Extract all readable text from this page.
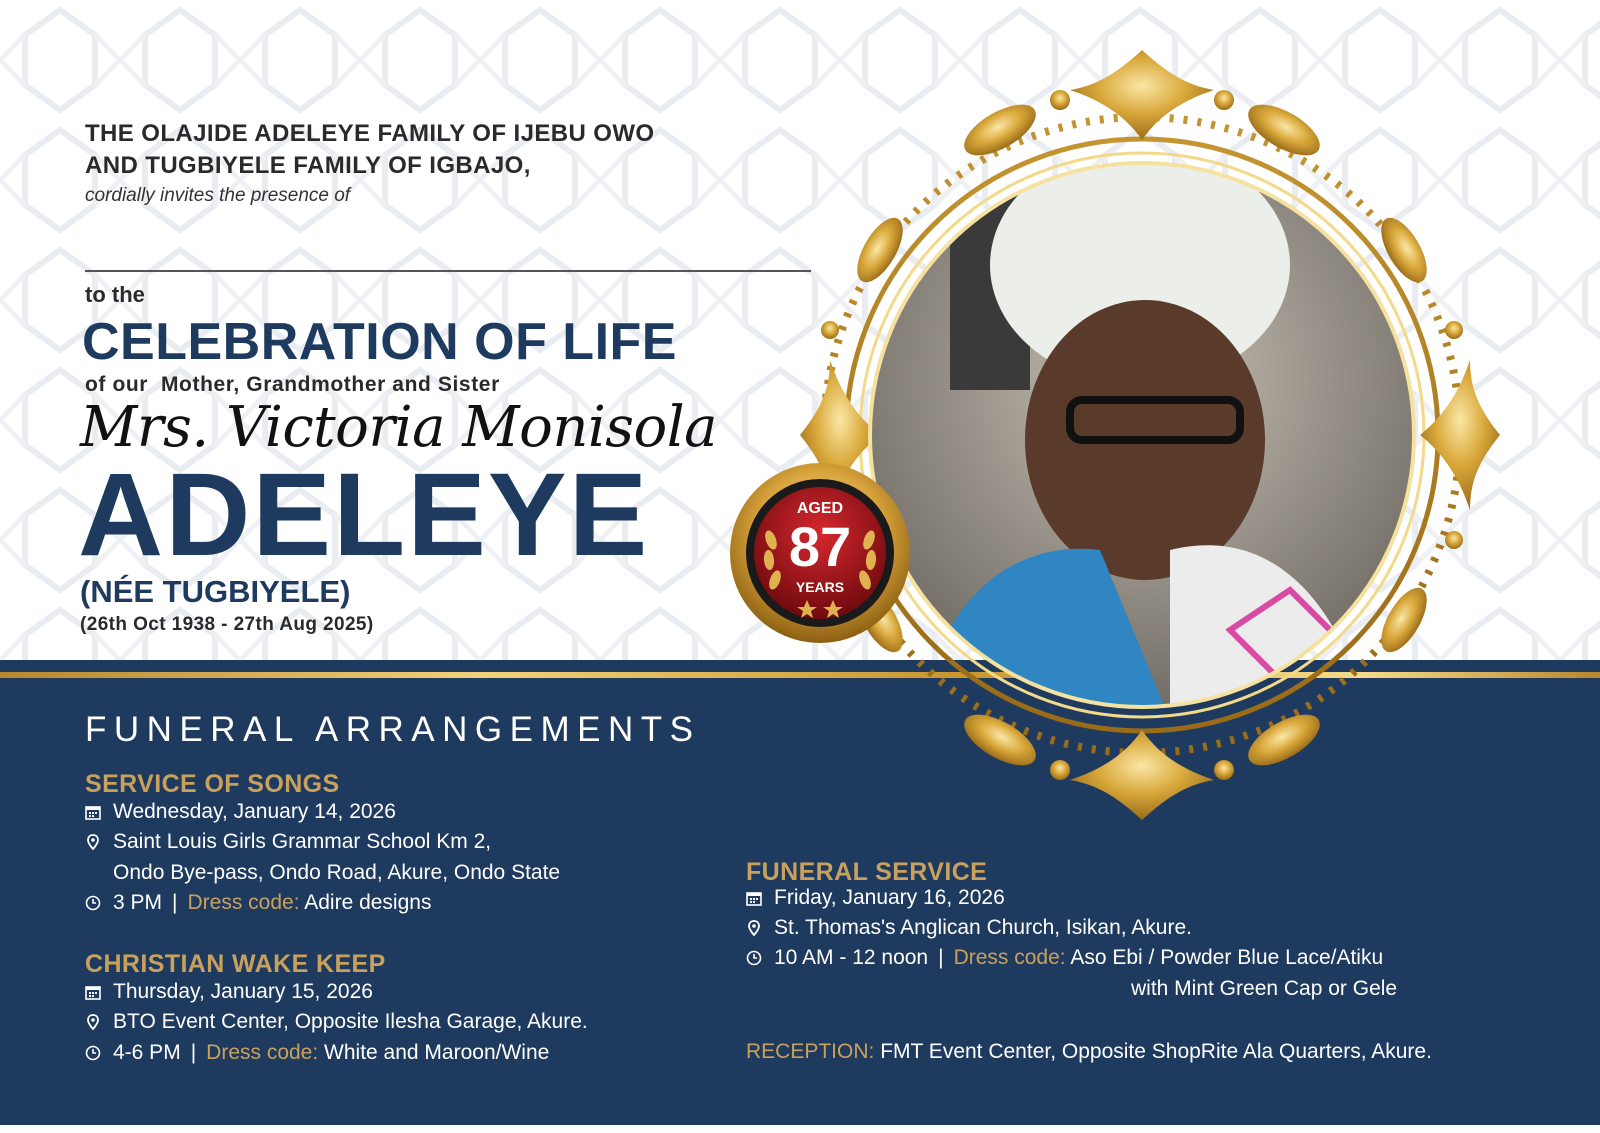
THE OLAJIDE ADELEYE FAMILY OF IJEBU OWO
AND TUGBIYELE FAMILY OF IGBAJO,
cordially invites the presence of
to the
CELEBRATION OF LIFE
of our  Mother, Grandmother and Sister
Mrs. Victoria Monisola
ADELEYE
(NÉE TUGBIYELE)
(26th Oct 1938 - 27th Aug 2025)
AGED
87
YEARS
FUNERAL ARRANGEMENTS
SERVICE OF SONGS
Wednesday, January 14, 2026
Saint Louis Girls Grammar School Km 2,
Ondo Bye-pass, Ondo Road, Akure, Ondo State
3 PM | Dress code: Adire designs
CHRISTIAN WAKE KEEP
Thursday, January 15, 2026
BTO Event Center, Opposite Ilesha Garage, Akure.
4-6 PM | Dress code: White and Maroon/Wine
FUNERAL SERVICE
Friday, January 16, 2026
St. Thomas's Anglican Church, Isikan, Akure.
10 AM - 12 noon | Dress code: Aso Ebi / Powder Blue Lace/Atiku
with Mint Green Cap or Gele
RECEPTION: FMT Event Center, Opposite ShopRite Ala Quarters, Akure.
